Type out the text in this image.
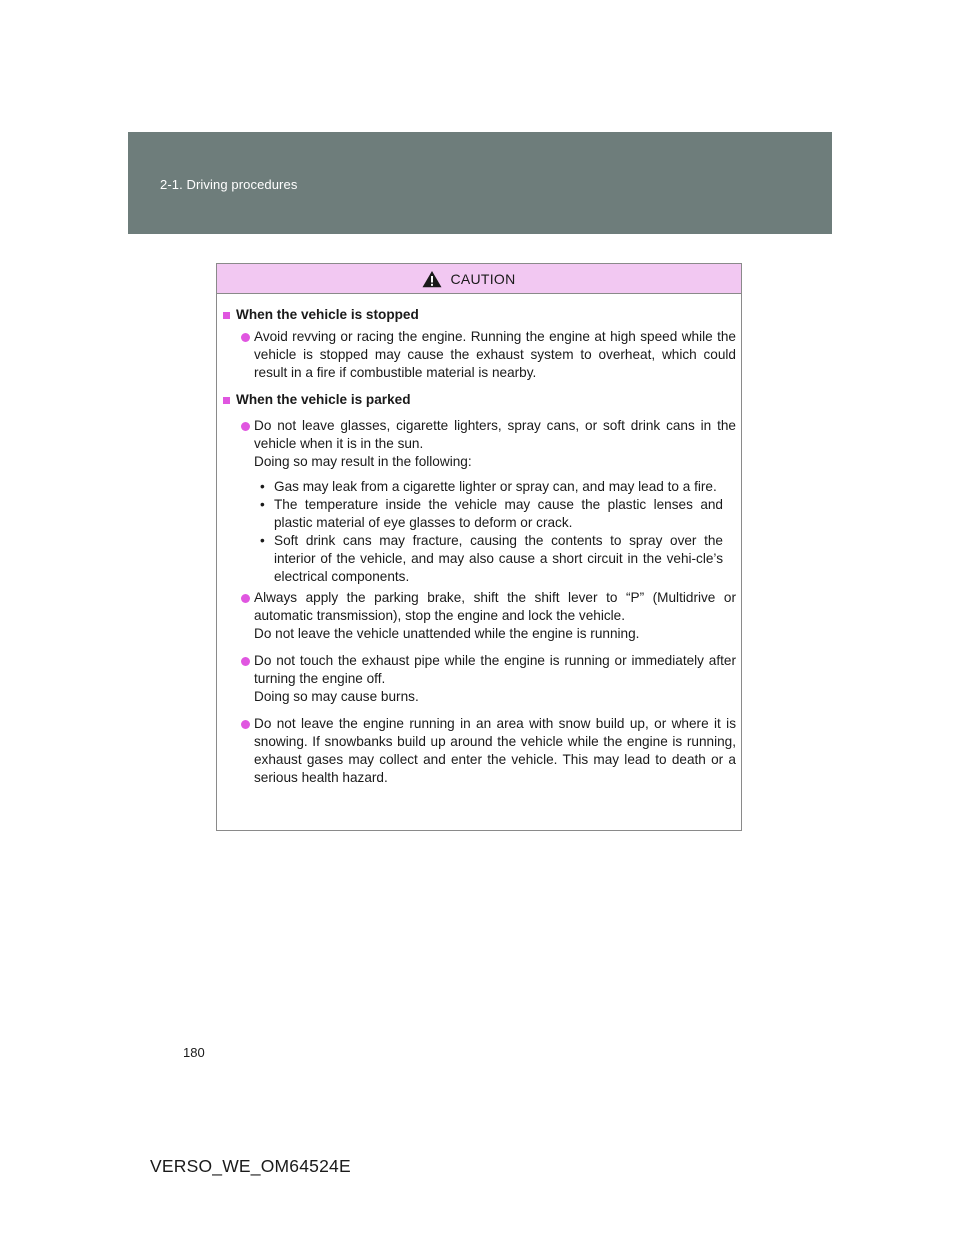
2-1. Driving procedures
CAUTION
When the vehicle is stopped

Avoid revving or racing the engine. Running the engine at high speed while the vehicle is stopped may cause the exhaust system to overheat, which could result in a fire if combustible material is nearby.

When the vehicle is parked

Do not leave glasses, cigarette lighters, spray cans, or soft drink cans in the vehicle when it is in the sun.

Doing so may result in the following:

• Gas may leak from a cigarette lighter or spray can, and may lead to a fire.
• The temperature inside the vehicle may cause the plastic lenses and plastic material of eye glasses to deform or crack.
• Soft drink cans may fracture, causing the contents to spray over the interior of the vehicle, and may also cause a short circuit in the vehi-cle’s electrical components.

Always apply the parking brake, shift the shift lever to “P” (Multidrive or automatic transmission), stop the engine and lock the vehicle.

Do not leave the vehicle unattended while the engine is running.

Do not touch the exhaust pipe while the engine is running or immediately after turning the engine off.

Doing so may cause burns.

Do not leave the engine running in an area with snow build up, or where it is snowing. If snowbanks build up around the vehicle while the engine is running, exhaust gases may collect and enter the vehicle. This may lead to death or a serious health hazard.

180
VERSO_WE_OM64524E
